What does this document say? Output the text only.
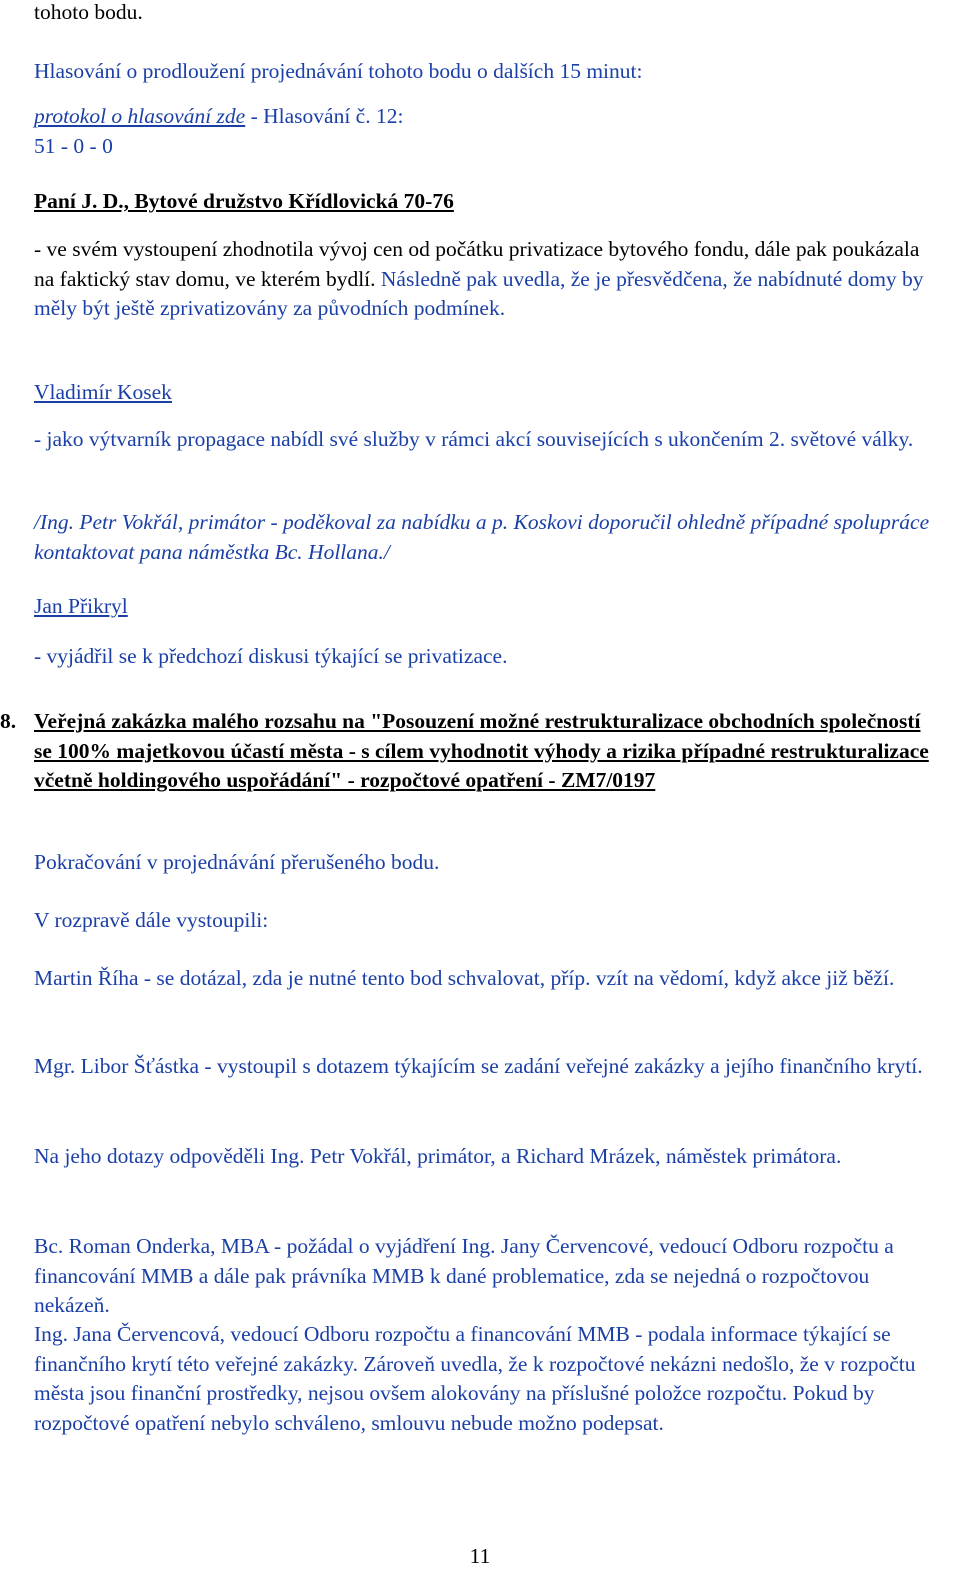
tohoto bodu.

Hlasování o prodloužení projednávání tohoto bodu o dalších 15 minut:

protokol o hlasování zde - Hlasování č. 12:

51 - 0 - 0

Paní J. D., Bytové družstvo Křídlovická 70-76

- ve svém vystoupení zhodnotila vývoj cen od počátku privatizace bytového fondu, dále pak poukázala na faktický stav domu, ve kterém bydlí. Následně pak uvedla, že je přesvědčena, že nabídnuté domy by měly být ještě zprivatizovány za původních podmínek.

Vladimír Kosek

- jako výtvarník propagace nabídl své služby v rámci akcí souvisejících s ukončením 2. světové války.

/Ing. Petr Vokřál, primátor - poděkoval za nabídku a p. Koskovi doporučil ohledně případné spolupráce kontaktovat pana náměstka Bc. Hollana./

Jan Přikryl

- vyjádřil se k předchozí diskusi týkající se privatizace.

8. Veřejná zakázka malého rozsahu na "Posouzení možné restrukturalizace obchodních společností se 100% majetkovou účastí města - s cílem vyhodnotit výhody a rizika případné restrukturalizace včetně holdingového uspořádání" - rozpočtové opatření - ZM7/0197

Pokračování v projednávání přerušeného bodu.

V rozpravě dále vystoupili:

Martin Říha - se dotázal, zda je nutné tento bod schvalovat, příp. vzít na vědomí, když akce již běží.

Mgr. Libor Šťástka - vystoupil s dotazem týkajícím se zadání veřejné zakázky a jejího finančního krytí.

Na jeho dotazy odpověděli Ing. Petr Vokřál, primátor, a Richard Mrázek, náměstek primátora.

Bc. Roman Onderka, MBA - požádal o vyjádření Ing. Jany Červencové, vedoucí Odboru rozpočtu a financování MMB a dále pak právníka MMB k dané problematice, zda se nejedná o rozpočtovou nekázeň.

Ing. Jana Červencová, vedoucí Odboru rozpočtu a financování MMB - podala informace týkající se finančního krytí této veřejné zakázky. Zároveň uvedla, že k rozpočtové nekázni nedošlo, že v rozpočtu města jsou finanční prostředky, nejsou ovšem alokovány na příslušné položce rozpočtu. Pokud by rozpočtové opatření nebylo schváleno, smlouvu nebude možno podepsat.

11
